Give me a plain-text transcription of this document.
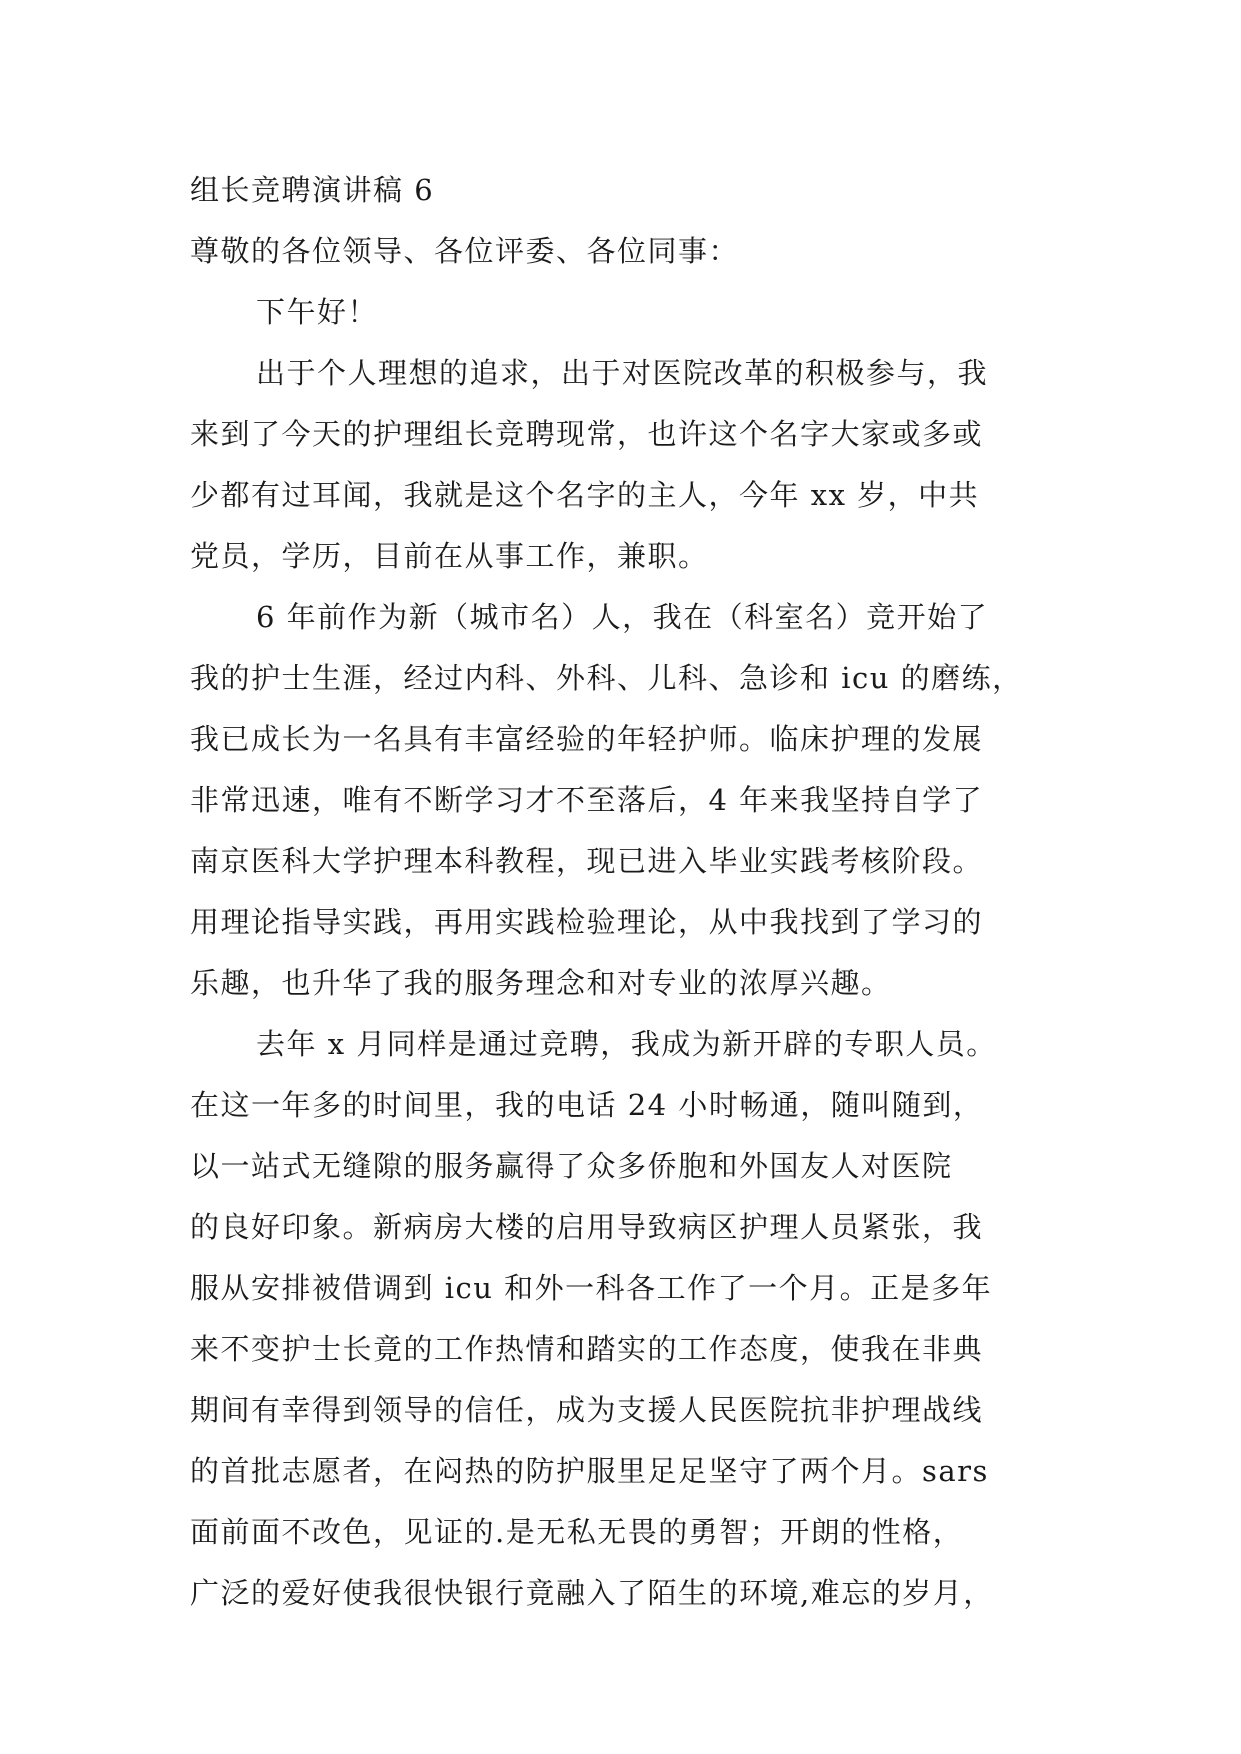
组长竞聘演讲稿 6
尊敬的各位领导、各位评委、各位同事：
下午好！
出于个人理想的追求，出于对医院改革的积极参与，我
来到了今天的护理组长竞聘现常，也许这个名字大家或多或
少都有过耳闻，我就是这个名字的主人，今年 xx 岁，中共
党员，学历，目前在从事工作，兼职。
6 年前作为新（城市名）人，我在（科室名）竞开始了
我的护士生涯，经过内科、外科、儿科、急诊和 icu 的磨练，
我已成长为一名具有丰富经验的年轻护师。临床护理的发展
非常迅速，唯有不断学习才不至落后，4 年来我坚持自学了
南京医科大学护理本科教程，现已进入毕业实践考核阶段。
用理论指导实践，再用实践检验理论，从中我找到了学习的
乐趣，也升华了我的服务理念和对专业的浓厚兴趣。
去年 x 月同样是通过竞聘，我成为新开辟的专职人员。
在这一年多的时间里，我的电话 24 小时畅通，随叫随到，
以一站式无缝隙的服务赢得了众多侨胞和外国友人对医院
的良好印象。新病房大楼的启用导致病区护理人员紧张，我
服从安排被借调到 icu 和外一科各工作了一个月。正是多年
来不变护士长竟的工作热情和踏实的工作态度，使我在非典
期间有幸得到领导的信任，成为支援人民医院抗非护理战线
的首批志愿者，在闷热的防护服里足足坚守了两个月。sars
面前面不改色，见证的.是无私无畏的勇智；开朗的性格，
广泛的爱好使我很快银行竟融入了陌生的环境,难忘的岁月，
